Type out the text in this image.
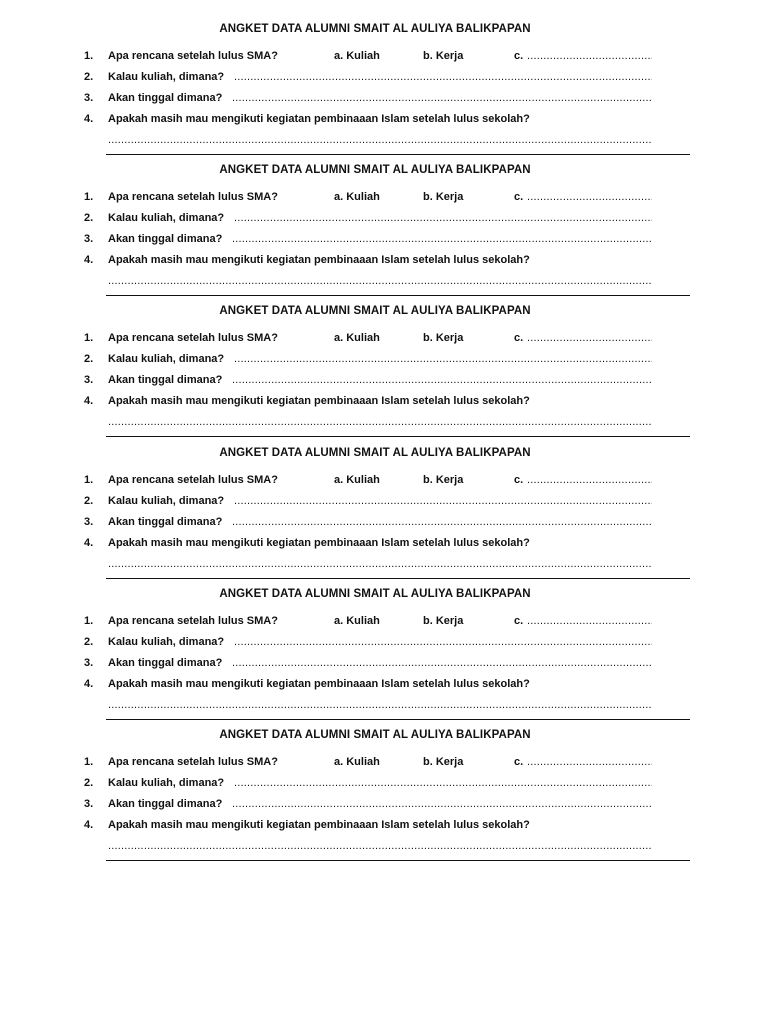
ANGKET DATA ALUMNI SMAIT AL AULIYA BALIKPAPAN
1.	Apa rencana setelah lulus SMA?	a. Kuliah	b. Kerja	c.
.....
2.	Kalau kuliah, dimana?
.....
3.	Akan tinggal dimana?
.....
4.	Apakah masih mau mengikuti kegiatan pembinaaan Islam setelah lulus sekolah?
.....
ANGKET DATA ALUMNI SMAIT AL AULIYA BALIKPAPAN
1.	Apa rencana setelah lulus SMA?	a. Kuliah	b. Kerja	c.
.....
2.	Kalau kuliah, dimana?
.....
3.	Akan tinggal dimana?
.....
4.	Apakah masih mau mengikuti kegiatan pembinaaan Islam setelah lulus sekolah?
.....
ANGKET DATA ALUMNI SMAIT AL AULIYA BALIKPAPAN
1.	Apa rencana setelah lulus SMA?	a. Kuliah	b. Kerja	c.
.....
2.	Kalau kuliah, dimana?
.....
3.	Akan tinggal dimana?
.....
4.	Apakah masih mau mengikuti kegiatan pembinaaan Islam setelah lulus sekolah?
.....
ANGKET DATA ALUMNI SMAIT AL AULIYA BALIKPAPAN
1.	Apa rencana setelah lulus SMA?	a. Kuliah	b. Kerja	c.
.....
2.	Kalau kuliah, dimana?
.....
3.	Akan tinggal dimana?
.....
4.	Apakah masih mau mengikuti kegiatan pembinaaan Islam setelah lulus sekolah?
.....
ANGKET DATA ALUMNI SMAIT AL AULIYA BALIKPAPAN
1.	Apa rencana setelah lulus SMA?	a. Kuliah	b. Kerja	c.
.....
2.	Kalau kuliah, dimana?
.....
3.	Akan tinggal dimana?
.....
4.	Apakah masih mau mengikuti kegiatan pembinaaan Islam setelah lulus sekolah?
.....
ANGKET DATA ALUMNI SMAIT AL AULIYA BALIKPAPAN
1.	Apa rencana setelah lulus SMA?	a. Kuliah	b. Kerja	c.
.....
2.	Kalau kuliah, dimana?
.....
3.	Akan tinggal dimana?
.....
4.	Apakah masih mau mengikuti kegiatan pembinaaan Islam setelah lulus sekolah?
.....
